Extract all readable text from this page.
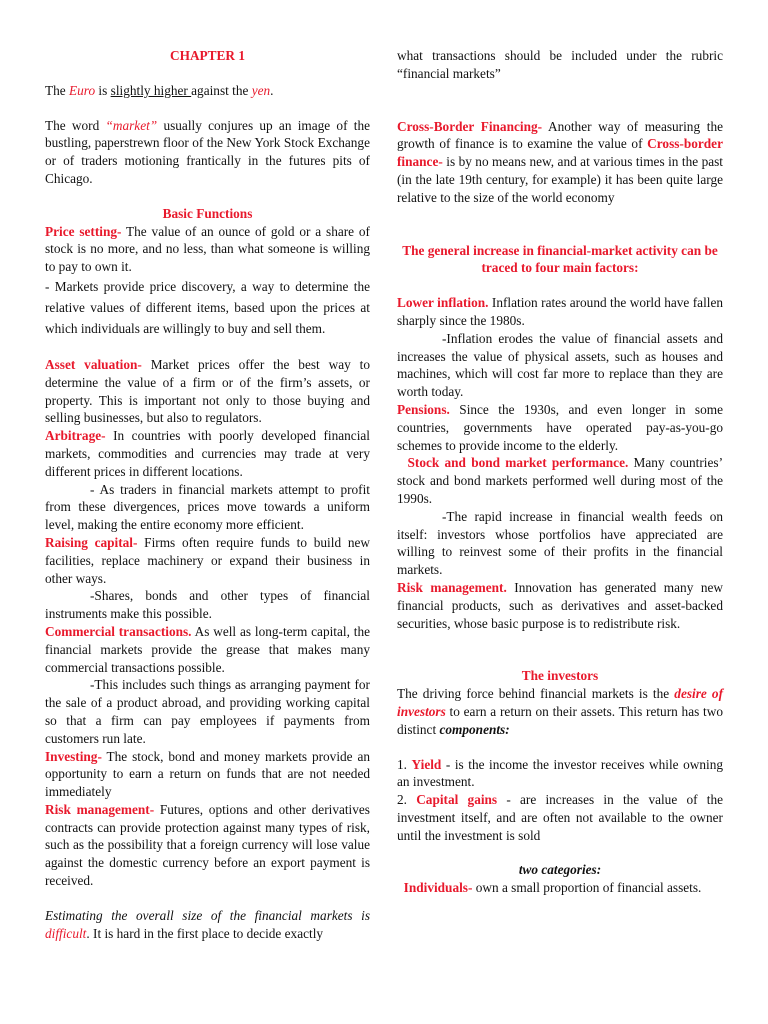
CHAPTER 1

The Euro is slightly higher against the yen.

The word “market” usually conjures up an image of the bustling, paperstrewn floor of the New York Stock Exchange or of traders motioning frantically in the futures pits of Chicago.

Basic Functions

Price setting- The value of an ounce of gold or a share of stock is no more, and no less, than what someone is willing to pay to own it.

- Markets provide price discovery, a way to determine the relative values of different items, based upon the prices at which individuals are willingly to buy and sell them.

Asset valuation- Market prices offer the best way to determine the value of a firm or of the firm’s assets, or property. This is important not only to those buying and selling businesses, but also to regulators.

Arbitrage- In countries with poorly developed financial markets, commodities and currencies may trade at very different prices in different locations.

- As traders in financial markets attempt to profit from these divergences, prices move towards a uniform level, making the entire economy more efficient.

Raising capital- Firms often require funds to build new facilities, replace machinery or expand their business in other ways.

-Shares, bonds and other types of financial instruments make this possible.

Commercial transactions. As well as long-term capital, the financial markets provide the grease that makes many commercial transactions possible.

-This includes such things as arranging payment for the sale of a product abroad, and providing working capital so that a firm can pay employees if payments from customers run late.

Investing- The stock, bond and money markets provide an opportunity to earn a return on funds that are not needed immediately

Risk management- Futures, options and other derivatives contracts can provide protection against many types of risk, such as the possibility that a foreign currency will lose value against the domestic currency before an export payment is received.

Estimating the overall size of the financial markets is difficult. It is hard in the first place to decide exactly

what transactions should be included under the rubric “financial markets”

Cross-Border Financing- Another way of measuring the growth of finance is to examine the value of Cross-border finance- is by no means new, and at various times in the past (in the late 19th century, for example) it has been quite large relative to the size of the world economy

The general increase in financial-market activity can be traced to four main factors:

Lower inflation. Inflation rates around the world have fallen sharply since the 1980s.

-Inflation erodes the value of financial assets and increases the value of physical assets, such as houses and machines, which will cost far more to replace than they are worth today.

Pensions. Since the 1930s, and even longer in some countries, governments have operated pay-as-you-go schemes to provide income to the elderly.

Stock and bond market performance. Many countries’ stock and bond markets performed well during most of the 1990s.

-The rapid increase in financial wealth feeds on itself: investors whose portfolios have appreciated are willing to reinvest some of their profits in the financial markets.

Risk management. Innovation has generated many new financial products, such as derivatives and asset-backed securities, whose basic purpose is to redistribute risk.

The investors

The driving force behind financial markets is the desire of investors to earn a return on their assets. This return has two distinct components:

1. Yield - is the income the investor receives while owning an investment.

2. Capital gains - are increases in the value of the investment itself, and are often not available to the owner until the investment is sold

two categories:

Individuals- own a small proportion of financial assets.
